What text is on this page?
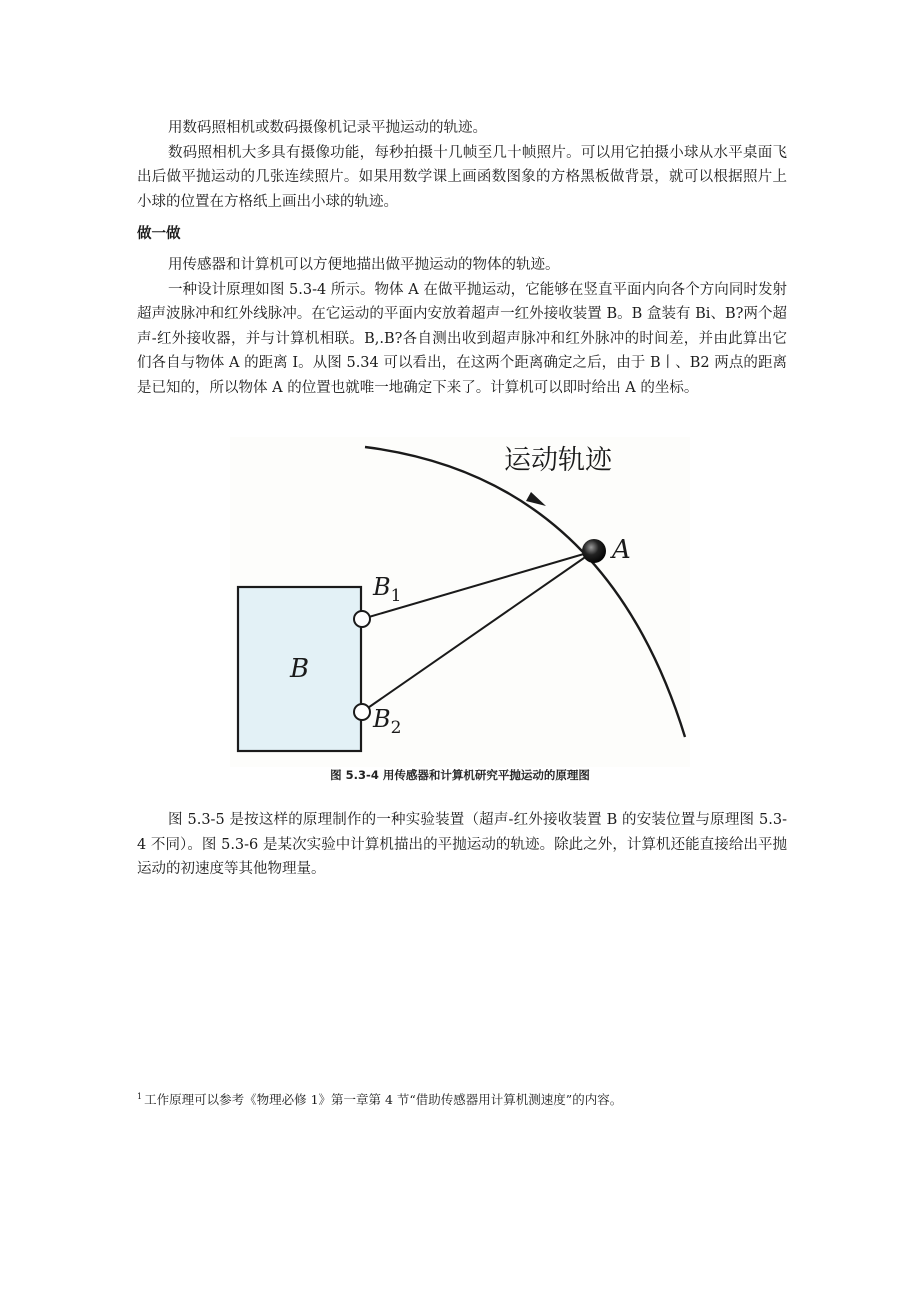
用数码照相机或数码摄像机记录平抛运动的轨迹。

数码照相机大多具有摄像功能，每秒拍摄十几帧至几十帧照片。可以用它拍摄小球从水平桌面飞出后做平抛运动的几张连续照片。如果用数学课上画函数图象的方格黑板做背景，就可以根据照片上小球的位置在方格纸上画出小球的轨迹。

做一做

用传感器和计算机可以方便地描出做平抛运动的物体的轨迹。

一种设计原理如图 5.3-4 所示。物体 A 在做平抛运动，它能够在竖直平面内向各个方向同时发射超声波脉冲和红外线脉冲。在它运动的平面内安放着超声一红外接收装置 B。B 盒装有 Bi、B?两个超声-红外接收器，并与计算机相联。B,.B?各自测出收到超声脉冲和红外脉冲的时间差，并由此算出它们各自与物体 A 的距离 I。从图 5.34 可以看出，在这两个距离确定之后，由于 B丨、B2 两点的距离是已知的，所以物体 A 的位置也就唯一地确定下来了。计算机可以即时给出 A 的坐标。

运动轨迹
B
$B_1$
$B_2$
A
图 5.3-4 用传感器和计算机研究平抛运动的原理图

图 5.3-5 是按这样的原理制作的一种实验装置（超声-红外接收装置 B 的安装位置与原理图 5.3-4 不同）。图 5.3-6 是某次实验中计算机描出的平抛运动的轨迹。除此之外，计算机还能直接给出平抛运动的初速度等其他物理量。

$^1$ 工作原理可以参考《物理必修 1》第一章第 4 节“借助传感器用计算机测速度”的内容。
